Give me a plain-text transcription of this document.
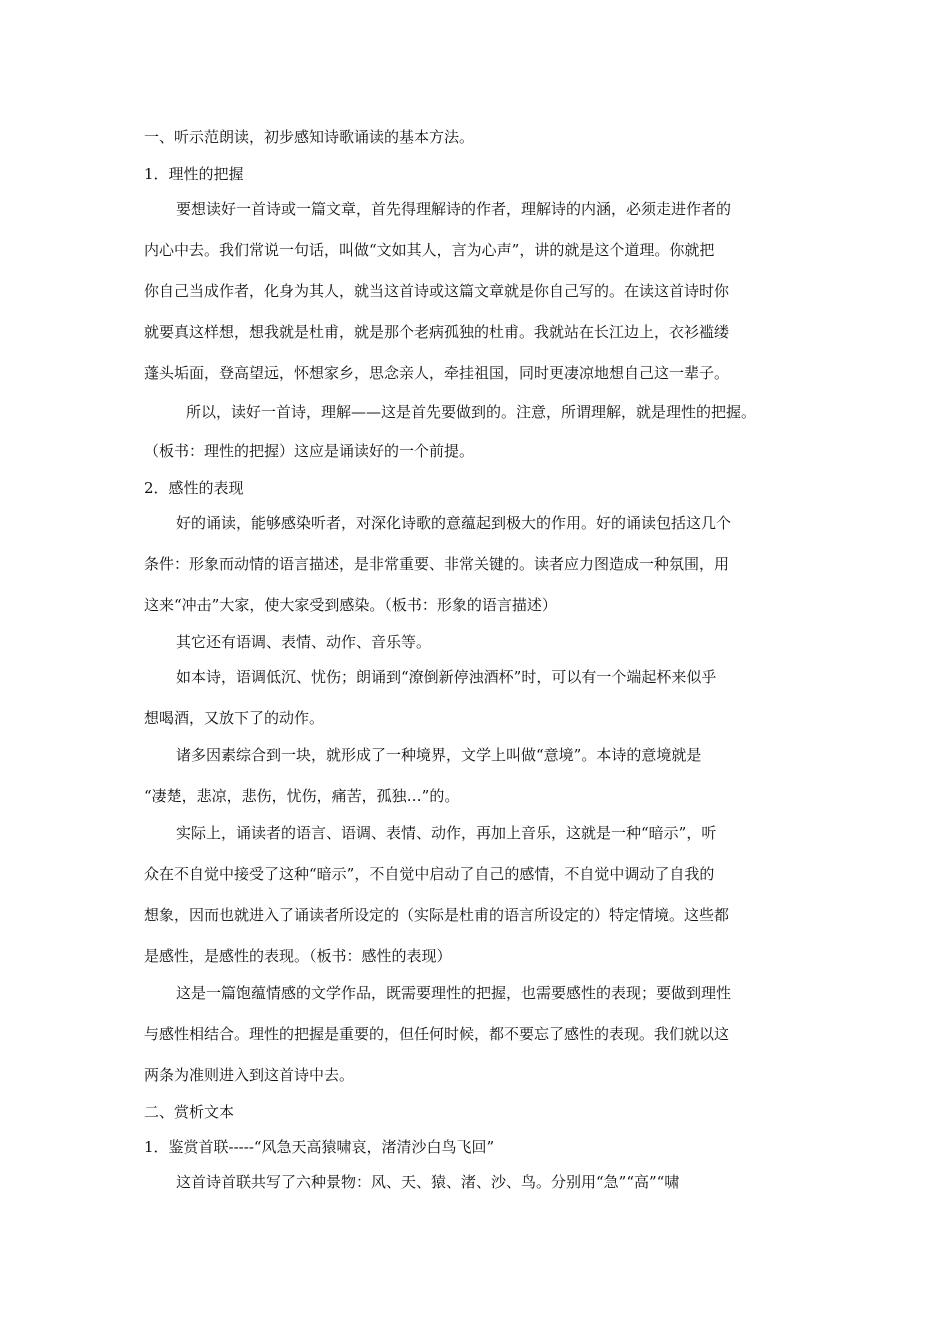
一、听示范朗读，初步感知诗歌诵读的基本方法。
1．理性的把握
要想读好一首诗或一篇文章，首先得理解诗的作者，理解诗的内涵，必须走进作者的
内心中去。我们常说一句话，叫做“文如其人，言为心声”，讲的就是这个道理。你就把
你自己当成作者，化身为其人，就当这首诗或这篇文章就是你自己写的。在读这首诗时你
就要真这样想，想我就是杜甫，就是那个老病孤独的杜甫。我就站在长江边上，衣衫褴缕
蓬头垢面，登高望远，怀想家乡，思念亲人，牵挂祖国，同时更凄凉地想自己这一辈子。
所以，读好一首诗，理解——这是首先要做到的。注意，所谓理解，就是理性的把握。
（板书：理性的把握）这应是诵读好的一个前提。
2．感性的表现
好的诵读，能够感染听者，对深化诗歌的意蕴起到极大的作用。好的诵读包括这几个
条件：形象而动情的语言描述，是非常重要、非常关键的。读者应力图造成一种氛围，用
这来“冲击”大家，使大家受到感染。（板书：形象的语言描述）
其它还有语调、表情、动作、音乐等。
如本诗，语调低沉、忧伤；朗诵到“潦倒新停浊酒杯”时，可以有一个端起杯来似乎
想喝酒，又放下了的动作。
诸多因素综合到一块，就形成了一种境界，文学上叫做“意境”。本诗的意境就是
“凄楚，悲凉，悲伤，忧伤，痛苦，孤独…”的。
实际上，诵读者的语言、语调、表情、动作，再加上音乐，这就是一种“暗示”，听
众在不自觉中接受了这种“暗示”，不自觉中启动了自己的感情，不自觉中调动了自我的
想象，因而也就进入了诵读者所设定的（实际是杜甫的语言所设定的）特定情境。这些都
是感性，是感性的表现。（板书：感性的表现）
这是一篇饱蕴情感的文学作品，既需要理性的把握，也需要感性的表现；要做到理性
与感性相结合。理性的把握是重要的，但任何时候，都不要忘了感性的表现。我们就以这
两条为准则进入到这首诗中去。
二、赏析文本
1．鉴赏首联-----“风急天高猿啸哀，渚清沙白鸟飞回”
这首诗首联共写了六种景物：风、天、猿、渚、沙、鸟。分别用“急”“高”“啸
